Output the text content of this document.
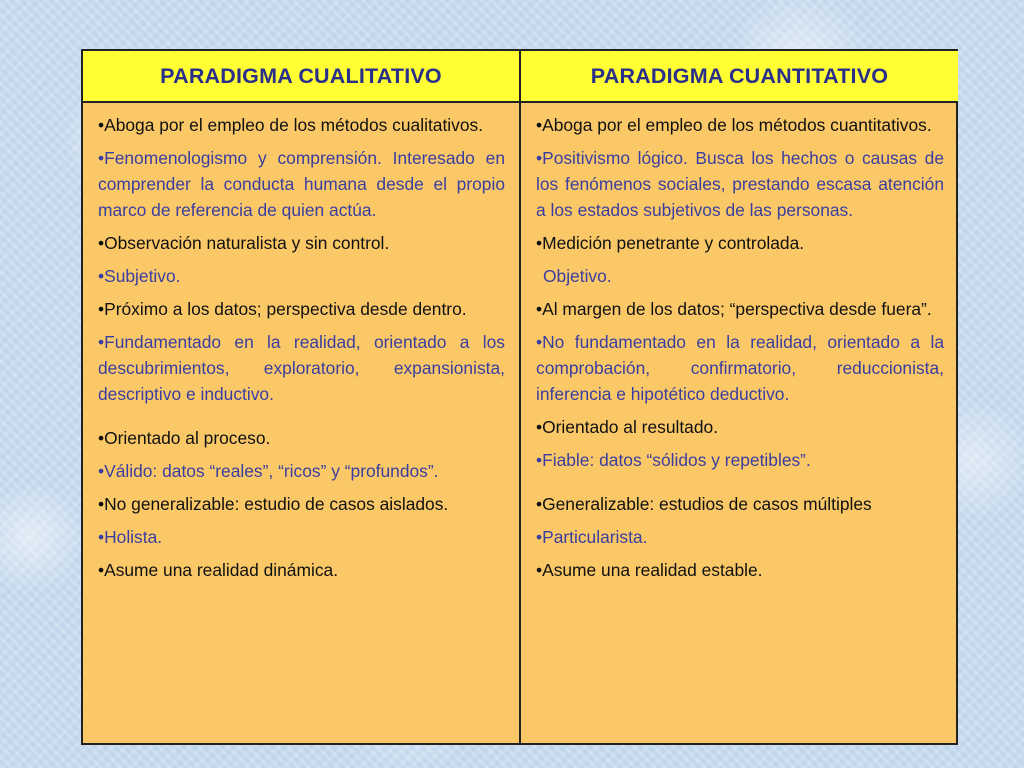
PARADIGMA CUALITATIVO	PARADIGMA CUANTITATIVO
•Aboga por el empleo de los métodos cualitativos.
•Fenomenologismo y comprensión. Interesado en comprender la conducta humana desde el propio marco de referencia de quien actúa.
•Observación naturalista y sin control.
•Subjetivo.
•Próximo a los datos; perspectiva desde dentro.
•Fundamentado en la realidad, orientado a los descubrimientos, exploratorio, expansionista, descriptivo e inductivo.
•Orientado al proceso.
•Válido: datos “reales”, “ricos” y “profundos”.
•No generalizable: estudio de casos aislados.
•Holista.
•Asume una realidad dinámica.
•Aboga por el empleo de los métodos cuantitativos.
•Positivismo lógico. Busca los hechos o causas de los fenómenos sociales, prestando escasa atención a los estados subjetivos de las personas.
•Medición penetrante y controlada.
Objetivo.
•Al margen de los datos; “perspectiva desde fuera”.
•No fundamentado en la realidad, orientado a la comprobación, confirmatorio, reduccionista, inferencia e hipotético deductivo.
•Orientado al resultado.
•Fiable: datos “sólidos y repetibles”.
•Generalizable: estudios de casos múltiples
•Particularista.
•Asume una realidad estable.
